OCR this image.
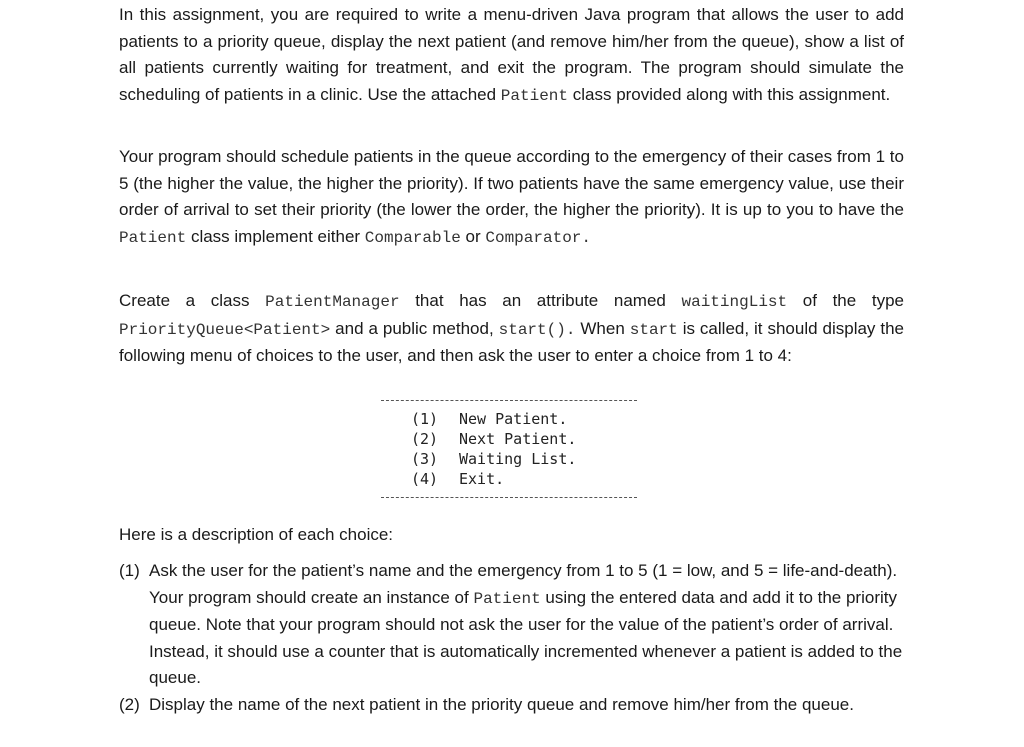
In this assignment, you are required to write a menu-driven Java program that allows the user to add patients to a priority queue, display the next patient (and remove him/her from the queue), show a list of all patients currently waiting for treatment, and exit the program. The program should simulate the scheduling of patients in a clinic. Use the attached Patient class provided along with this assignment.

Your program should schedule patients in the queue according to the emergency of their cases from 1 to 5 (the higher the value, the higher the priority). If two patients have the same emergency value, use their order of arrival to set their priority (the lower the order, the higher the priority). It is up to you to have the Patient class implement either Comparable or Comparator.

Create a class PatientManager that has an attribute named waitingList of the type PriorityQueue<Patient> and a public method, start(). When start is called, it should display the following menu of choices to the user, and then ask the user to enter a choice from 1 to 4:

(1) New Patient.
(2) Next Patient.
(3) Waiting List.
(4) Exit.

Here is a description of each choice:

(1) Ask the user for the patient’s name and the emergency from 1 to 5 (1 = low, and 5 = life-and-death). Your program should create an instance of Patient using the entered data and add it to the priority queue. Note that your program should not ask the user for the value of the patient’s order of arrival. Instead, it should use a counter that is automatically incremented whenever a patient is added to the queue.

(2) Display the name of the next patient in the priority queue and remove him/her from the queue.
